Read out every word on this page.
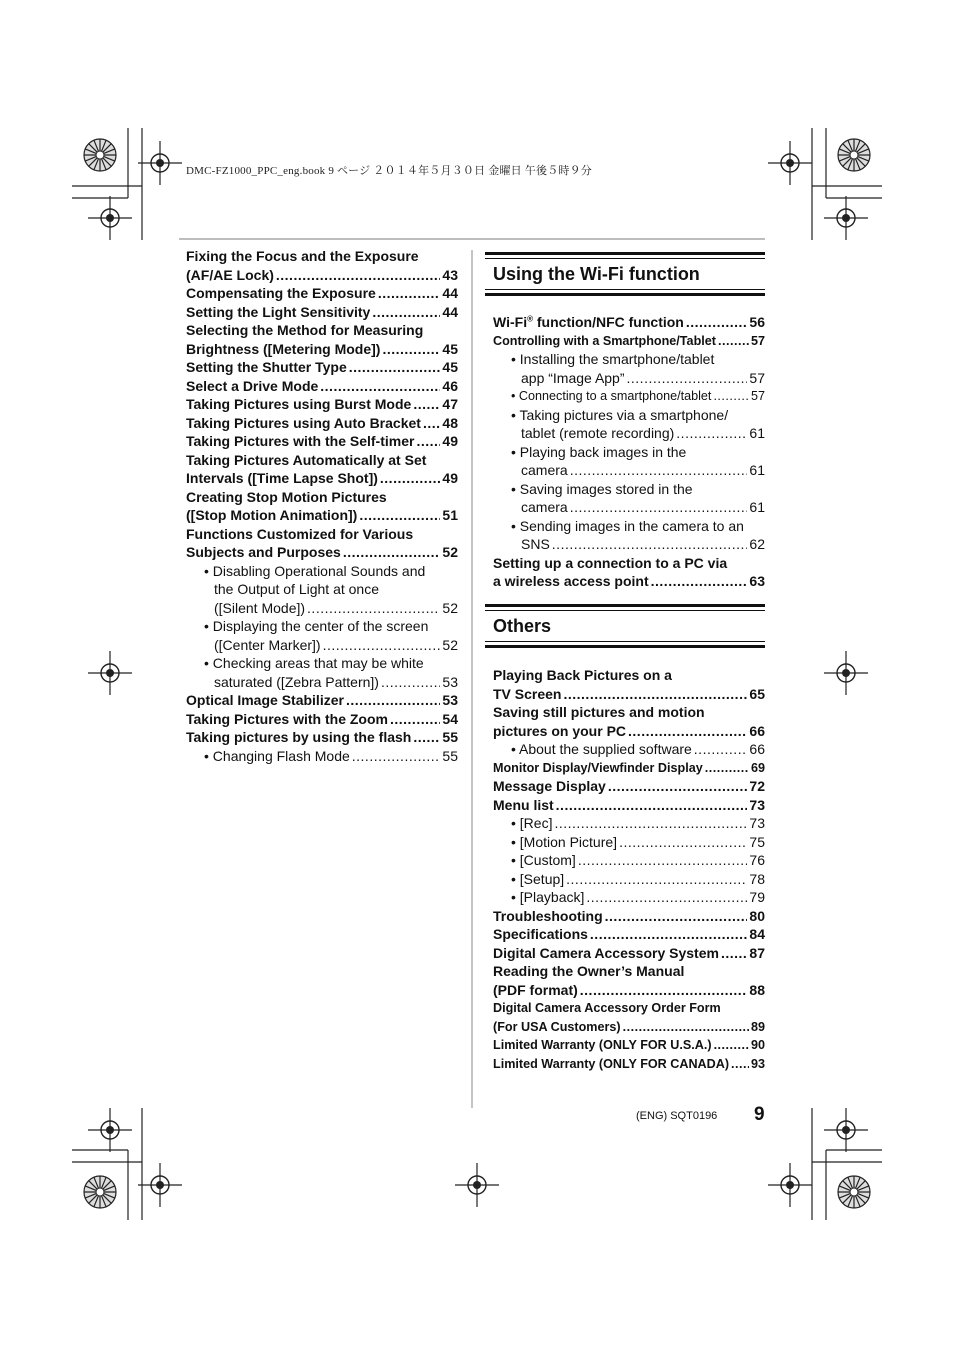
DMC-FZ1000_PPC_eng.book 9 ページ ２０１４年５月３０日 金曜日 午後５時９分
Fixing the Focus and the Exposure
(AF/AE Lock) .....	43
Compensating the Exposure .....	44
Setting the Light Sensitivity .....	44
Selecting the Method for Measuring
Brightness ([Metering Mode]) .....	45
Setting the Shutter Type .....	45
Select a Drive Mode .....	46
Taking Pictures using Burst Mode ..... 47
Taking Pictures using Auto Bracket ..... 48
Taking Pictures with the Self-timer ..... 49
Taking Pictures Automatically at Set
Intervals ([Time Lapse Shot]) .....	49
Creating Stop Motion Pictures
([Stop Motion Animation]) .....	51
Functions Customized for Various
Subjects and Purposes .....	52
• Disabling Operational Sounds and
the Output of Light at once
([Silent Mode]) .....	52
• Displaying the center of the screen
([Center Marker]) .....	52
• Checking areas that may be white
saturated ([Zebra Pattern]) .....	53
Optical Image Stabilizer .....	53
Taking Pictures with the Zoom .....	54
Taking pictures by using the flash ..... 55
• Changing Flash Mode .....	55
Using the Wi-Fi function
Wi-Fi® function/NFC function .....	56
Controlling with a Smartphone/Tablet .....	57
• Installing the smartphone/tablet
app “Image App” .....	57
• Connecting to a smartphone/tablet .....	57
• Taking pictures via a smartphone/
tablet (remote recording) .....	61
• Playing back images in the
camera .....	61
• Saving images stored in the
camera .....	61
• Sending images in the camera to an
SNS .....	62
Setting up a connection to a PC via
a wireless access point .....	63
Others
Playing Back Pictures on a
TV Screen .....	65
Saving still pictures and motion
pictures on your PC .....	66
• About the supplied software .....	66
Monitor Display/Viewfinder Display .....	69
Message Display .....	72
Menu list .....	73
• [Rec] .....	73
• [Motion Picture] .....	75
• [Custom] .....	76
• [Setup] .....	78
• [Playback] .....	79
Troubleshooting .....	80
Specifications .....	84
Digital Camera Accessory System ..... 87
Reading the Owner’s Manual
(PDF format) .....	88
Digital Camera Accessory Order Form
(For USA Customers) .....	89
Limited Warranty (ONLY FOR U.S.A.) .....	90
Limited Warranty (ONLY FOR CANADA) ..... 93
(ENG) SQT0196 9
